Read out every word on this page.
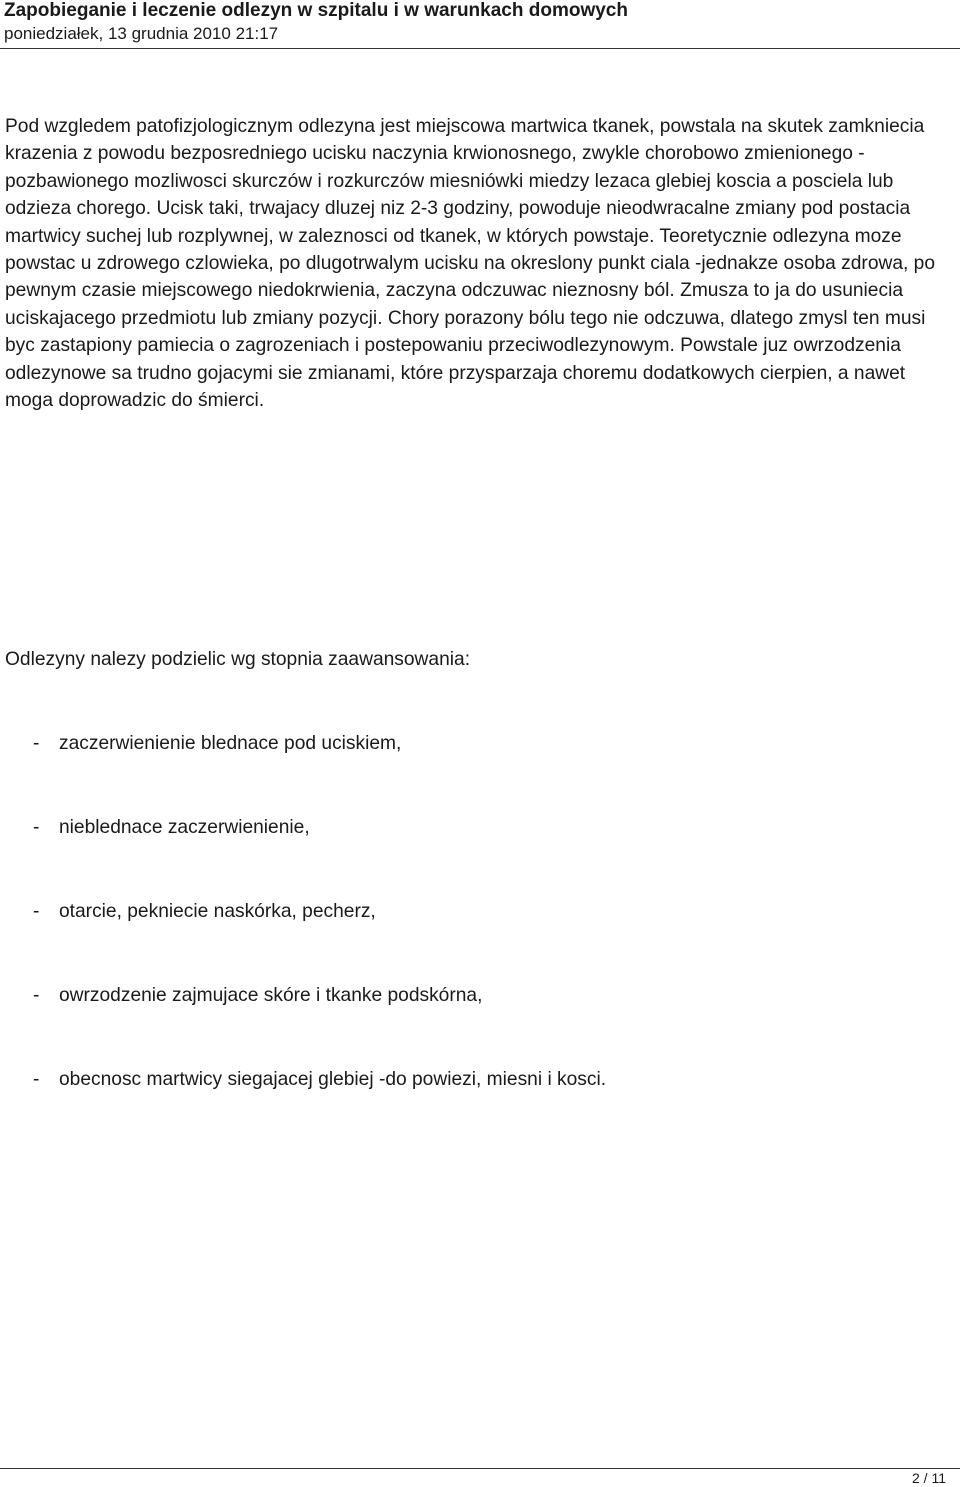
Zapobieganie i leczenie odlezyn w szpitalu i w warunkach domowych
poniedziałek, 13 grudnia 2010 21:17

Pod wzgledem patofizjologicznym odlezyna jest miejscowa martwica tkanek, powstala na skutek zamkniecia krazenia z powodu bezposredniego ucisku naczynia krwionosnego, zwykle chorobowo zmienionego -pozbawionego mozliwosci skurczów i rozkurczów miesniówki miedzy lezaca glebiej koscia a posciela lub odzieza chorego. Ucisk taki, trwajacy dluzej niz 2-3 godziny, powoduje nieodwracalne zmiany pod postacia martwicy suchej lub rozplywnej, w zaleznosci od tkanek, w których powstaje. Teoretycznie odlezyna moze powstac u zdrowego czlowieka, po dlugotrwalym ucisku na okreslony punkt ciala -jednakze osoba zdrowa, po pewnym czasie miejscowego niedokrwienia, zaczyna odczuwac nieznosny ból. Zmusza to ja do usuniecia uciskajacego przedmiotu lub zmiany pozycji. Chory porazony bólu tego nie odczuwa, dlatego zmysl ten musi byc zastapiony pamiecia o zagrozeniach i postepowaniu przeciwodlezynowym. Powstale juz owrzodzenia odlezynowe sa trudno gojacymi sie zmianami, które przysparzaja choremu dodatkowych cierpien, a nawet moga doprowadzic do śmierci.

Odlezyny nalezy podzielic wg stopnia zaawansowania:

-	zaczerwienienie blednace pod uciskiem,
-	nieblednace zaczerwienienie,
-	otarcie, pekniecie naskórka, pecherz,
-	owrzodzenie zajmujace skóre i tkanke podskórna,
-	obecnosc martwicy siegajacej glebiej -do powiezi, miesni i kosci.
2 / 11
